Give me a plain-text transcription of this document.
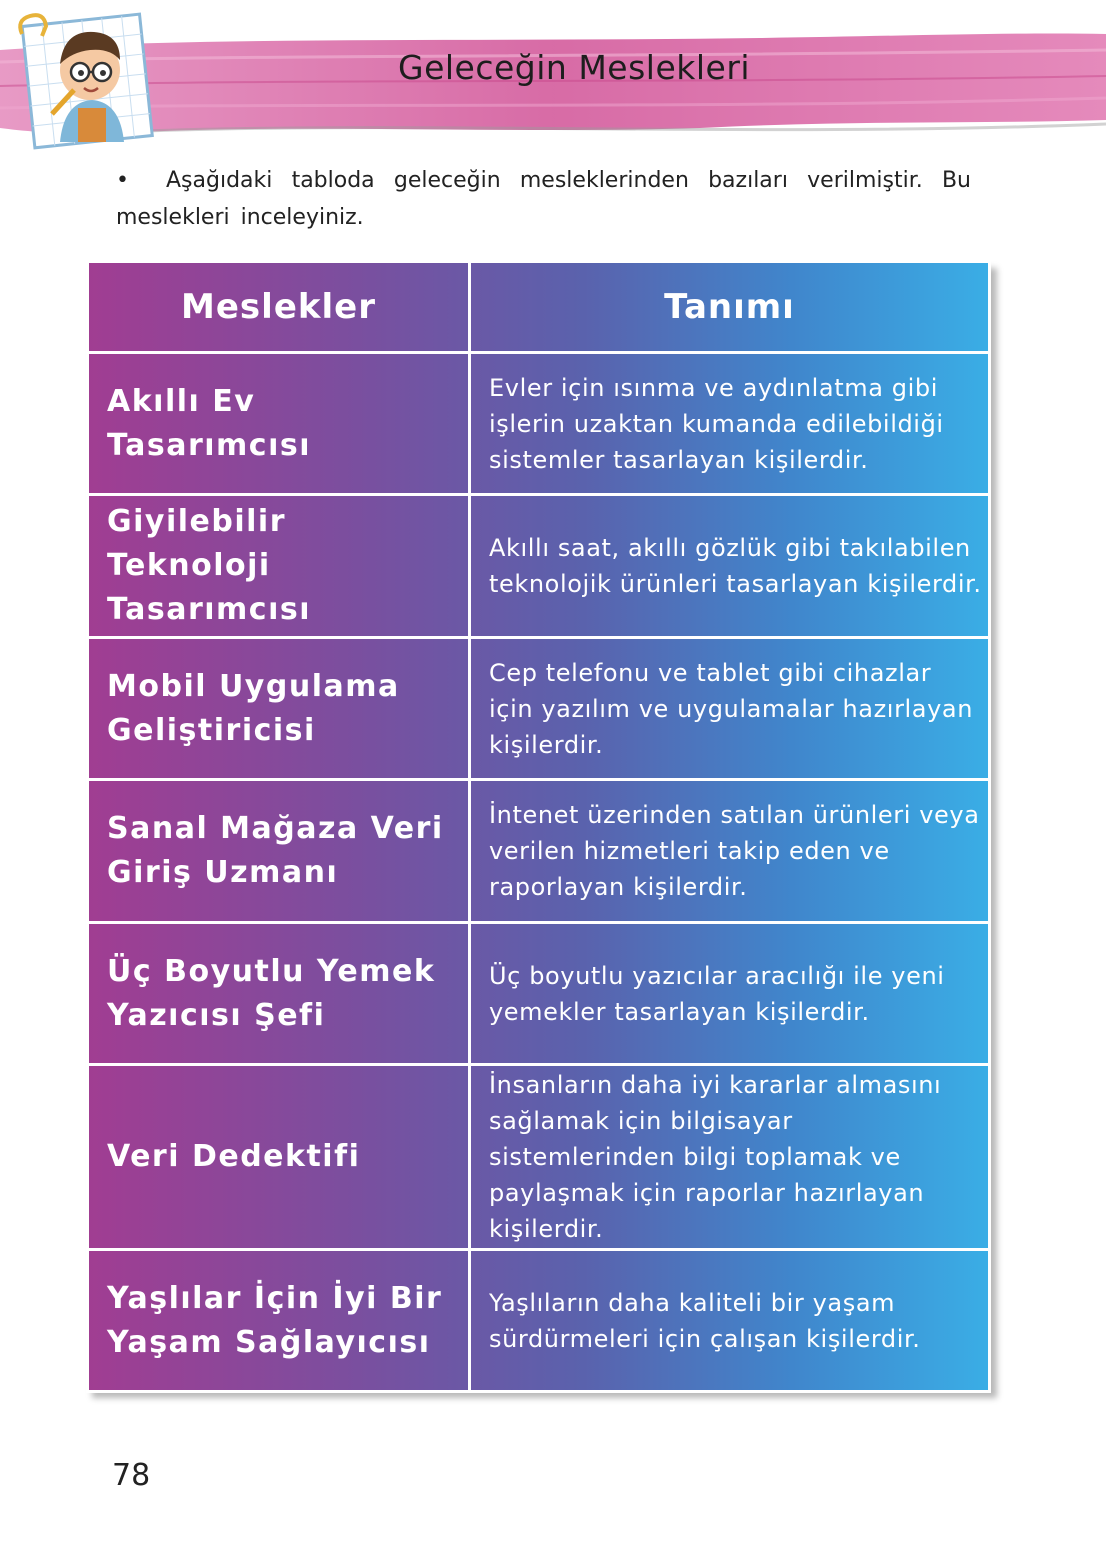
Geleceğin Meslekleri
• Aşağıdaki tabloda geleceğin mesleklerinden bazıları verilmiştir. Bu meslekleri inceleyiniz.
Meslekler	Tanımı
Akıllı Ev Tasarımcısı	Evler için ısınma ve aydınlatma gibi işlerin uzaktan kumanda edilebildiği sistemler tasarlayan kişilerdir.
Giyilebilir Teknoloji Tasarımcısı	Akıllı saat, akıllı gözlük gibi takılabilen teknolojik ürünleri tasarlayan kişilerdir.
Mobil Uygulama Geliştiricisi	Cep telefonu ve tablet gibi cihazlar için yazılım ve uygulamalar hazırlayan kişilerdir.
Sanal Mağaza Veri Giriş Uzmanı	İntenet üzerinden satılan ürünleri veya verilen hizmetleri takip eden ve raporlayan kişilerdir.
Üç Boyutlu Yemek Yazıcısı Şefi	Üç boyutlu yazıcılar aracılığı ile yeni yemekler tasarlayan kişilerdir.
Veri Dedektifi	İnsanların daha iyi kararlar almasını sağlamak için bilgisayar sistemlerinden bilgi toplamak ve paylaşmak için raporlar hazırlayan kişilerdir.
Yaşlılar İçin İyi Bir Yaşam Sağlayıcısı	Yaşlıların daha kaliteli bir yaşam sürdürmeleri için çalışan kişilerdir.
78
